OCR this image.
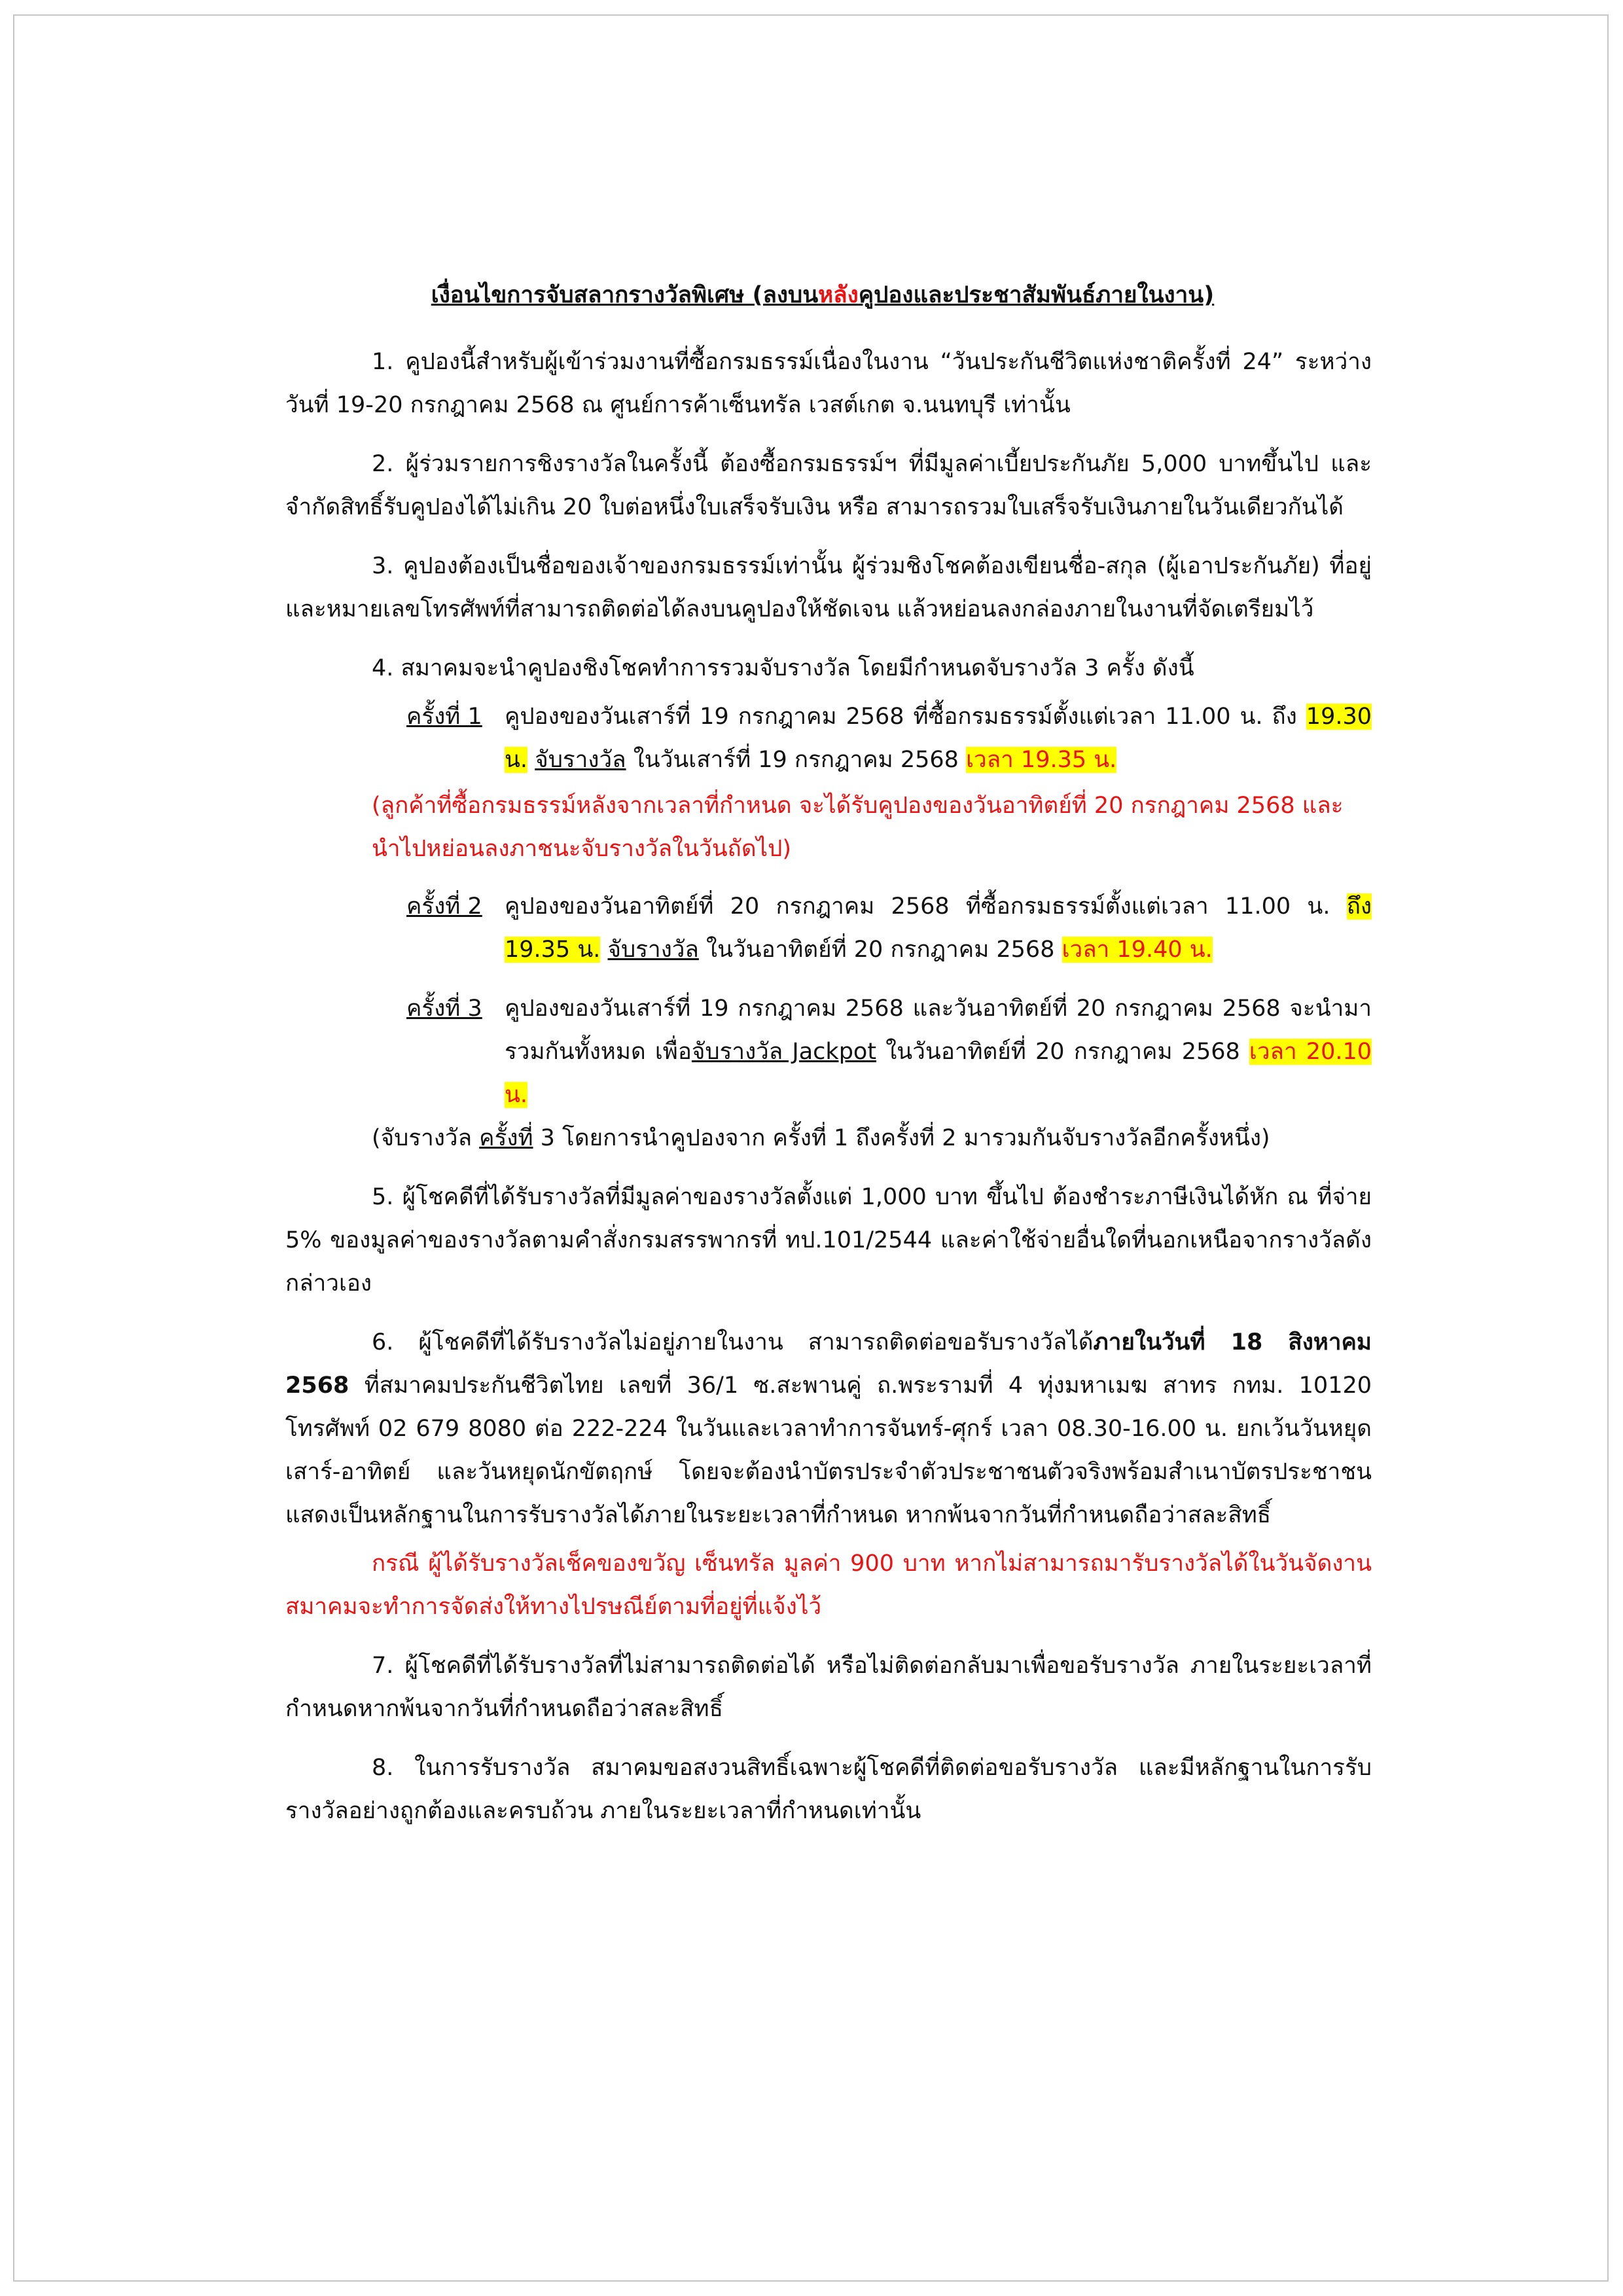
เงื่อนไขการจับสลากรางวัลพิเศษ (ลงบนหลังคูปองและประชาสัมพันธ์ภายในงาน)

1. คูปองนี้สำหรับผู้เข้าร่วมงานที่ซื้อกรมธรรม์เนื่องในงาน “วันประกันชีวิตแห่งชาติครั้งที่ 24” ระหว่างวันที่ 19-20 กรกฎาคม 2568 ณ ศูนย์การค้าเซ็นทรัล เวสต์เกต จ.นนทบุรี เท่านั้น

2. ผู้ร่วมรายการชิงรางวัลในครั้งนี้ ต้องซื้อกรมธรรม์ฯ ที่มีมูลค่าเบี้ยประกันภัย 5,000 บาทขึ้นไป และจำกัดสิทธิ์รับคูปองได้ไม่เกิน 20 ใบต่อหนึ่งใบเสร็จรับเงิน หรือ สามารถรวมใบเสร็จรับเงินภายในวันเดียวกันได้

3. คูปองต้องเป็นชื่อของเจ้าของกรมธรรม์เท่านั้น ผู้ร่วมชิงโชคต้องเขียนชื่อ-สกุล (ผู้เอาประกันภัย) ที่อยู่ และหมายเลขโทรศัพท์ที่สามารถติดต่อได้ลงบนคูปองให้ชัดเจน แล้วหย่อนลงกล่องภายในงานที่จัดเตรียมไว้

4. สมาคมจะนำคูปองชิงโชคทำการรวมจับรางวัล โดยมีกำหนดจับรางวัล 3 ครั้ง ดังนี้

ครั้งที่ 1 คูปองของวันเสาร์ที่ 19 กรกฎาคม 2568 ที่ซื้อกรมธรรม์ตั้งแต่เวลา 11.00 น. ถึง 19.30 น. จับรางวัล ในวันเสาร์ที่ 19 กรกฎาคม 2568 เวลา 19.35 น.

(ลูกค้าที่ซื้อกรมธรรม์หลังจากเวลาที่กำหนด จะได้รับคูปองของวันอาทิตย์ที่ 20 กรกฎาคม 2568 และนำไปหย่อนลงภาชนะจับรางวัลในวันถัดไป)

ครั้งที่ 2 คูปองของวันอาทิตย์ที่ 20 กรกฎาคม 2568 ที่ซื้อกรมธรรม์ตั้งแต่เวลา 11.00 น. ถึง 19.35 น. จับรางวัล ในวันอาทิตย์ที่ 20 กรกฎาคม 2568 เวลา 19.40 น.

ครั้งที่ 3 คูปองของวันเสาร์ที่ 19 กรกฎาคม 2568 และวันอาทิตย์ที่ 20 กรกฎาคม 2568 จะนำมารวมกันทั้งหมด เพื่อจับรางวัล Jackpot ในวันอาทิตย์ที่ 20 กรกฎาคม 2568 เวลา 20.10 น.

(จับรางวัล ครั้งที่ 3 โดยการนำคูปองจาก ครั้งที่ 1 ถึงครั้งที่ 2 มารวมกันจับรางวัลอีกครั้งหนึ่ง)

5. ผู้โชคดีที่ได้รับรางวัลที่มีมูลค่าของรางวัลตั้งแต่ 1,000 บาท ขึ้นไป ต้องชำระภาษีเงินได้หัก ณ ที่จ่าย 5% ของมูลค่าของรางวัลตามคำสั่งกรมสรรพากรที่ ทป.101/2544 และค่าใช้จ่ายอื่นใดที่นอกเหนือจากรางวัลดังกล่าวเอง

6. ผู้โชคดีที่ได้รับรางวัลไม่อยู่ภายในงาน สามารถติดต่อขอรับรางวัลได้ภายในวันที่ 18 สิงหาคม 2568 ที่สมาคมประกันชีวิตไทย เลขที่ 36/1 ซ.สะพานคู่ ถ.พระรามที่ 4 ทุ่งมหาเมฆ สาทร กทม. 10120 โทรศัพท์ 02 679 8080 ต่อ 222-224 ในวันและเวลาทำการจันทร์-ศุกร์ เวลา 08.30-16.00 น. ยกเว้นวันหยุดเสาร์-อาทิตย์ และวันหยุดนักขัตฤกษ์ โดยจะต้องนำบัตรประจำตัวประชาชนตัวจริงพร้อมสำเนาบัตรประชาชน แสดงเป็นหลักฐานในการรับรางวัลได้ภายในระยะเวลาที่กำหนด หากพ้นจากวันที่กำหนดถือว่าสละสิทธิ์

กรณี ผู้ได้รับรางวัลเช็คของขวัญ เซ็นทรัล มูลค่า 900 บาท หากไม่สามารถมารับรางวัลได้ในวันจัดงาน สมาคมจะทำการจัดส่งให้ทางไปรษณีย์ตามที่อยู่ที่แจ้งไว้

7. ผู้โชคดีที่ได้รับรางวัลที่ไม่สามารถติดต่อได้ หรือไม่ติดต่อกลับมาเพื่อขอรับรางวัล ภายในระยะเวลาที่กำหนดหากพ้นจากวันที่กำหนดถือว่าสละสิทธิ์

8. ในการรับรางวัล สมาคมขอสงวนสิทธิ์เฉพาะผู้โชคดีที่ติดต่อขอรับรางวัล และมีหลักฐานในการรับรางวัลอย่างถูกต้องและครบถ้วน ภายในระยะเวลาที่กำหนดเท่านั้น
